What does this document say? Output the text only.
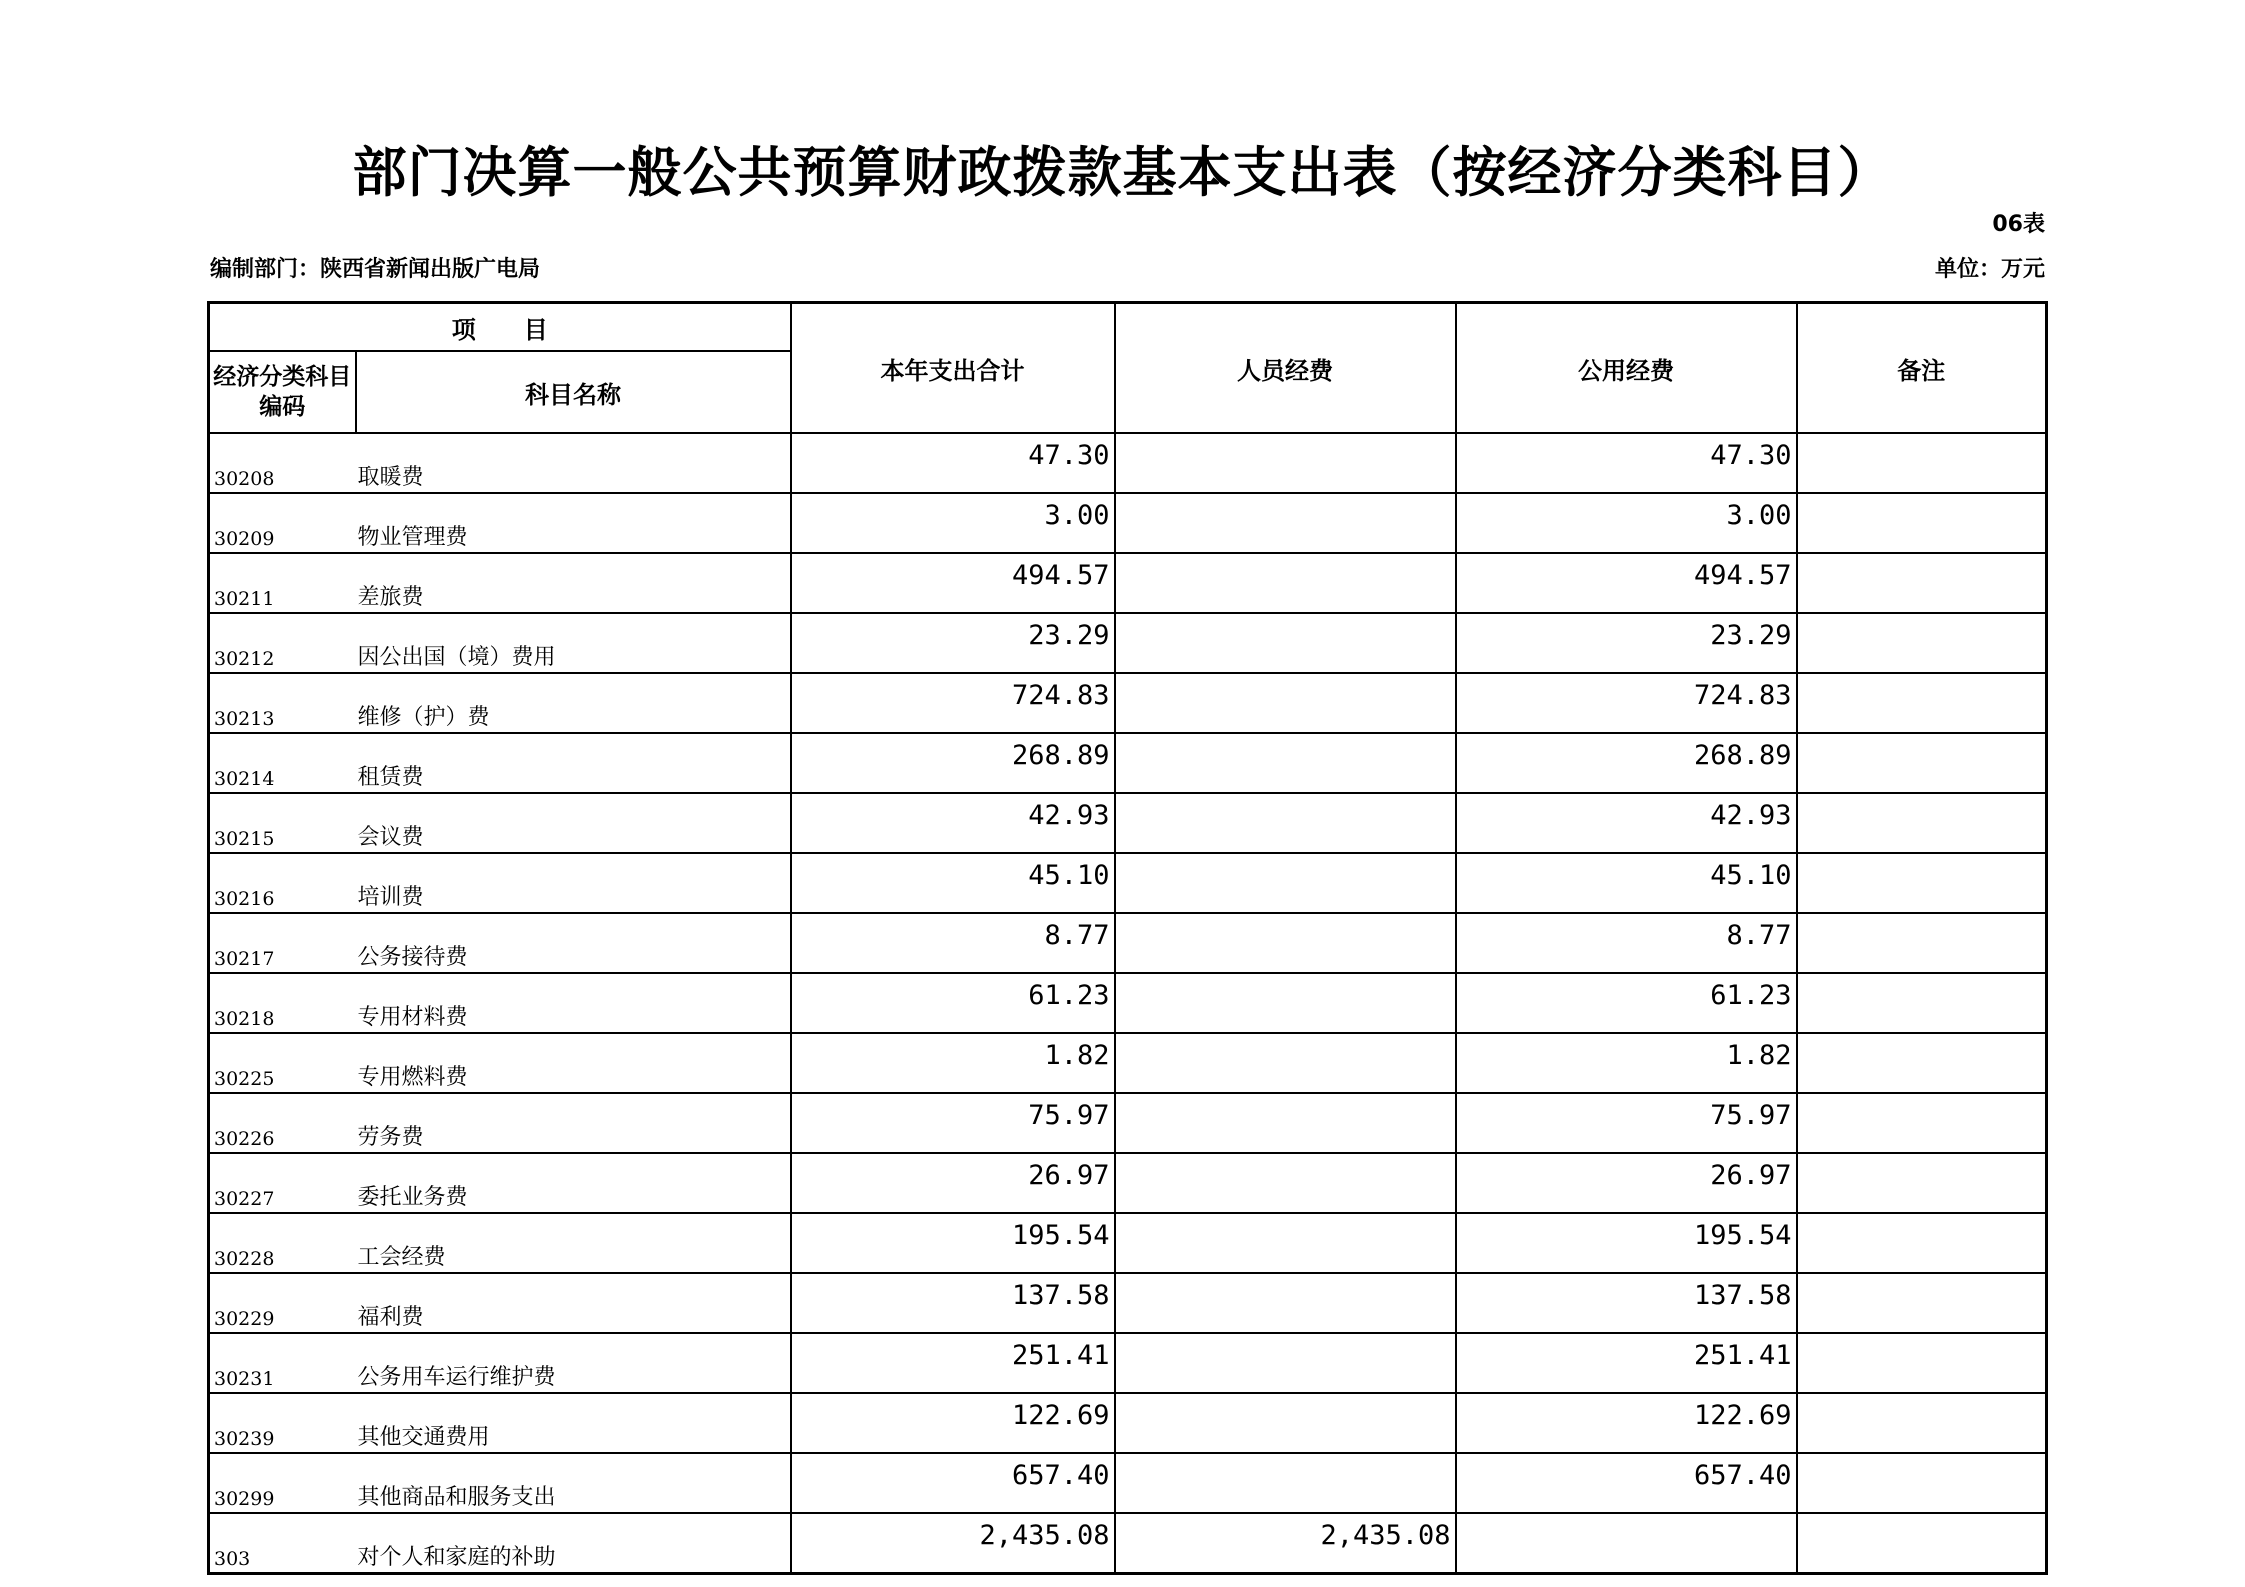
部门决算一般公共预算财政拨款基本支出表（按经济分类科目）
06表
编制部门：陕西省新闻出版广电局	单位：万元
项　　目		本年支出合计	人员经费	公用经费	备注
经济分类科目编码	科目名称				
30208	取暖费	47.30		47.30	
30209	物业管理费	3.00		3.00	
30211	差旅费	494.57		494.57	
30212	因公出国（境）费用	23.29		23.29	
30213	维修（护）费	724.83		724.83	
30214	租赁费	268.89		268.89	
30215	会议费	42.93		42.93	
30216	培训费	45.10		45.10	
30217	公务接待费	8.77		8.77	
30218	专用材料费	61.23		61.23	
30225	专用燃料费	1.82		1.82	
30226	劳务费	75.97		75.97	
30227	委托业务费	26.97		26.97	
30228	工会经费	195.54		195.54	
30229	福利费	137.58		137.58	
30231	公务用车运行维护费	251.41		251.41	
30239	其他交通费用	122.69		122.69	
30299	其他商品和服务支出	657.40		657.40	
303	对个人和家庭的补助	2,435.08	2,435.08		
